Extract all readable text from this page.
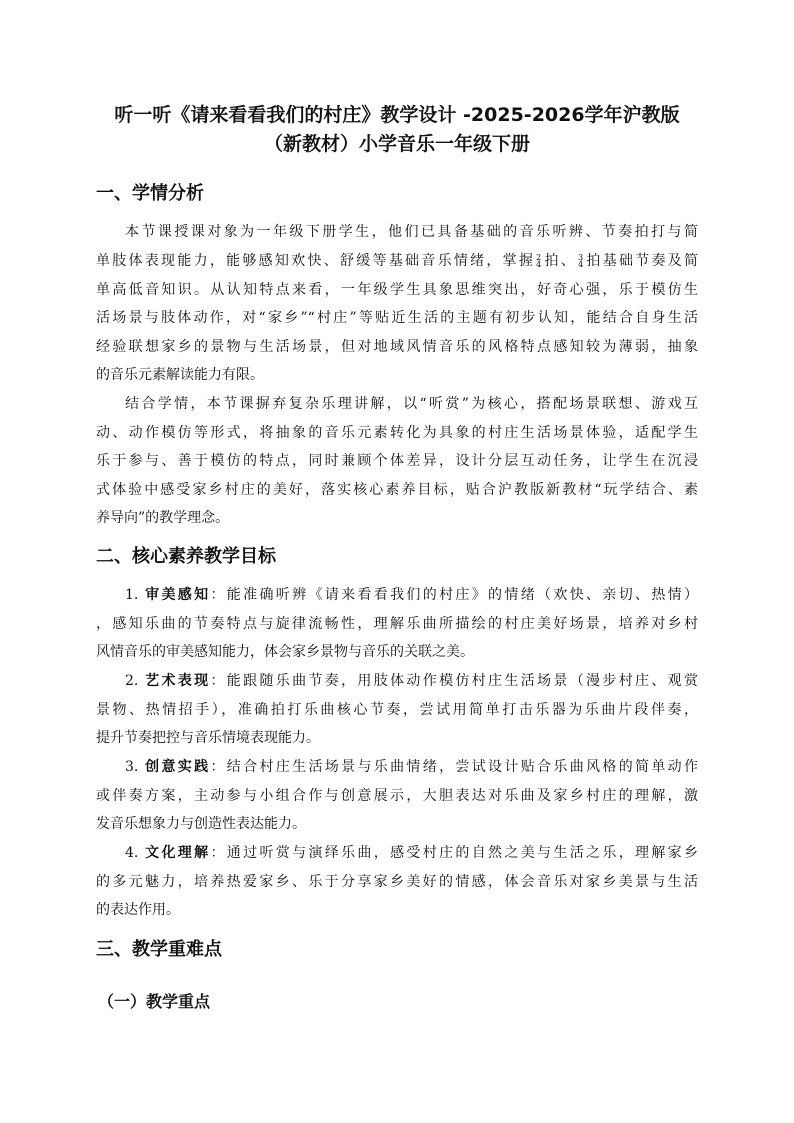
听一听《请来看看我们的村庄》教学设计 -2025-2026学年沪教版
（新教材）小学音乐一年级下册
一、学情分析
本节课授课对象为一年级下册学生，他们已具备基础的音乐听辨、节奏拍打与简
单肢体表现能力，能够感知欢快、舒缓等基础音乐情绪，掌握 2
4 拍、 3
4 拍基础节奏及简
单高低音知识。从认知特点来看，一年级学生具象思维突出，好奇心强，乐于模仿生
活场景与肢体动作，对“家乡”“村庄”等贴近生活的主题有初步认知，能结合自身生活
经验联想家乡的景物与生活场景，但对地域风情音乐的风格特点感知较为薄弱，抽象
的音乐元素解读能力有限。
结合学情，本节课摒弃复杂乐理讲解，以“听赏”为核心，搭配场景联想、游戏互
动、动作模仿等形式，将抽象的音乐元素转化为具象的村庄生活场景体验，适配学生
乐于参与、善于模仿的特点，同时兼顾个体差异，设计分层互动任务，让学生在沉浸
式体验中感受家乡村庄的美好，落实核心素养目标，贴合沪教版新教材“玩学结合、素
养导向”的教学理念。
二、核心素养教学目标
1. 审美感知：能准确听辨《请来看看我们的村庄》的情绪（欢快、亲切、热情）
，感知乐曲的节奏特点与旋律流畅性，理解乐曲所描绘的村庄美好场景，培养对乡村
风情音乐的审美感知能力，体会家乡景物与音乐的关联之美。
2. 艺术表现：能跟随乐曲节奏，用肢体动作模仿村庄生活场景（漫步村庄、观赏
景物、热情招手），准确拍打乐曲核心节奏，尝试用简单打击乐器为乐曲片段伴奏，
提升节奏把控与音乐情境表现能力。
3. 创意实践：结合村庄生活场景与乐曲情绪，尝试设计贴合乐曲风格的简单动作
或伴奏方案，主动参与小组合作与创意展示，大胆表达对乐曲及家乡村庄的理解，激
发音乐想象力与创造性表达能力。
4. 文化理解：通过听赏与演绎乐曲，感受村庄的自然之美与生活之乐，理解家乡
的多元魅力，培养热爱家乡、乐于分享家乡美好的情感，体会音乐对家乡美景与生活
的表达作用。
三、教学重难点
（一）教学重点
